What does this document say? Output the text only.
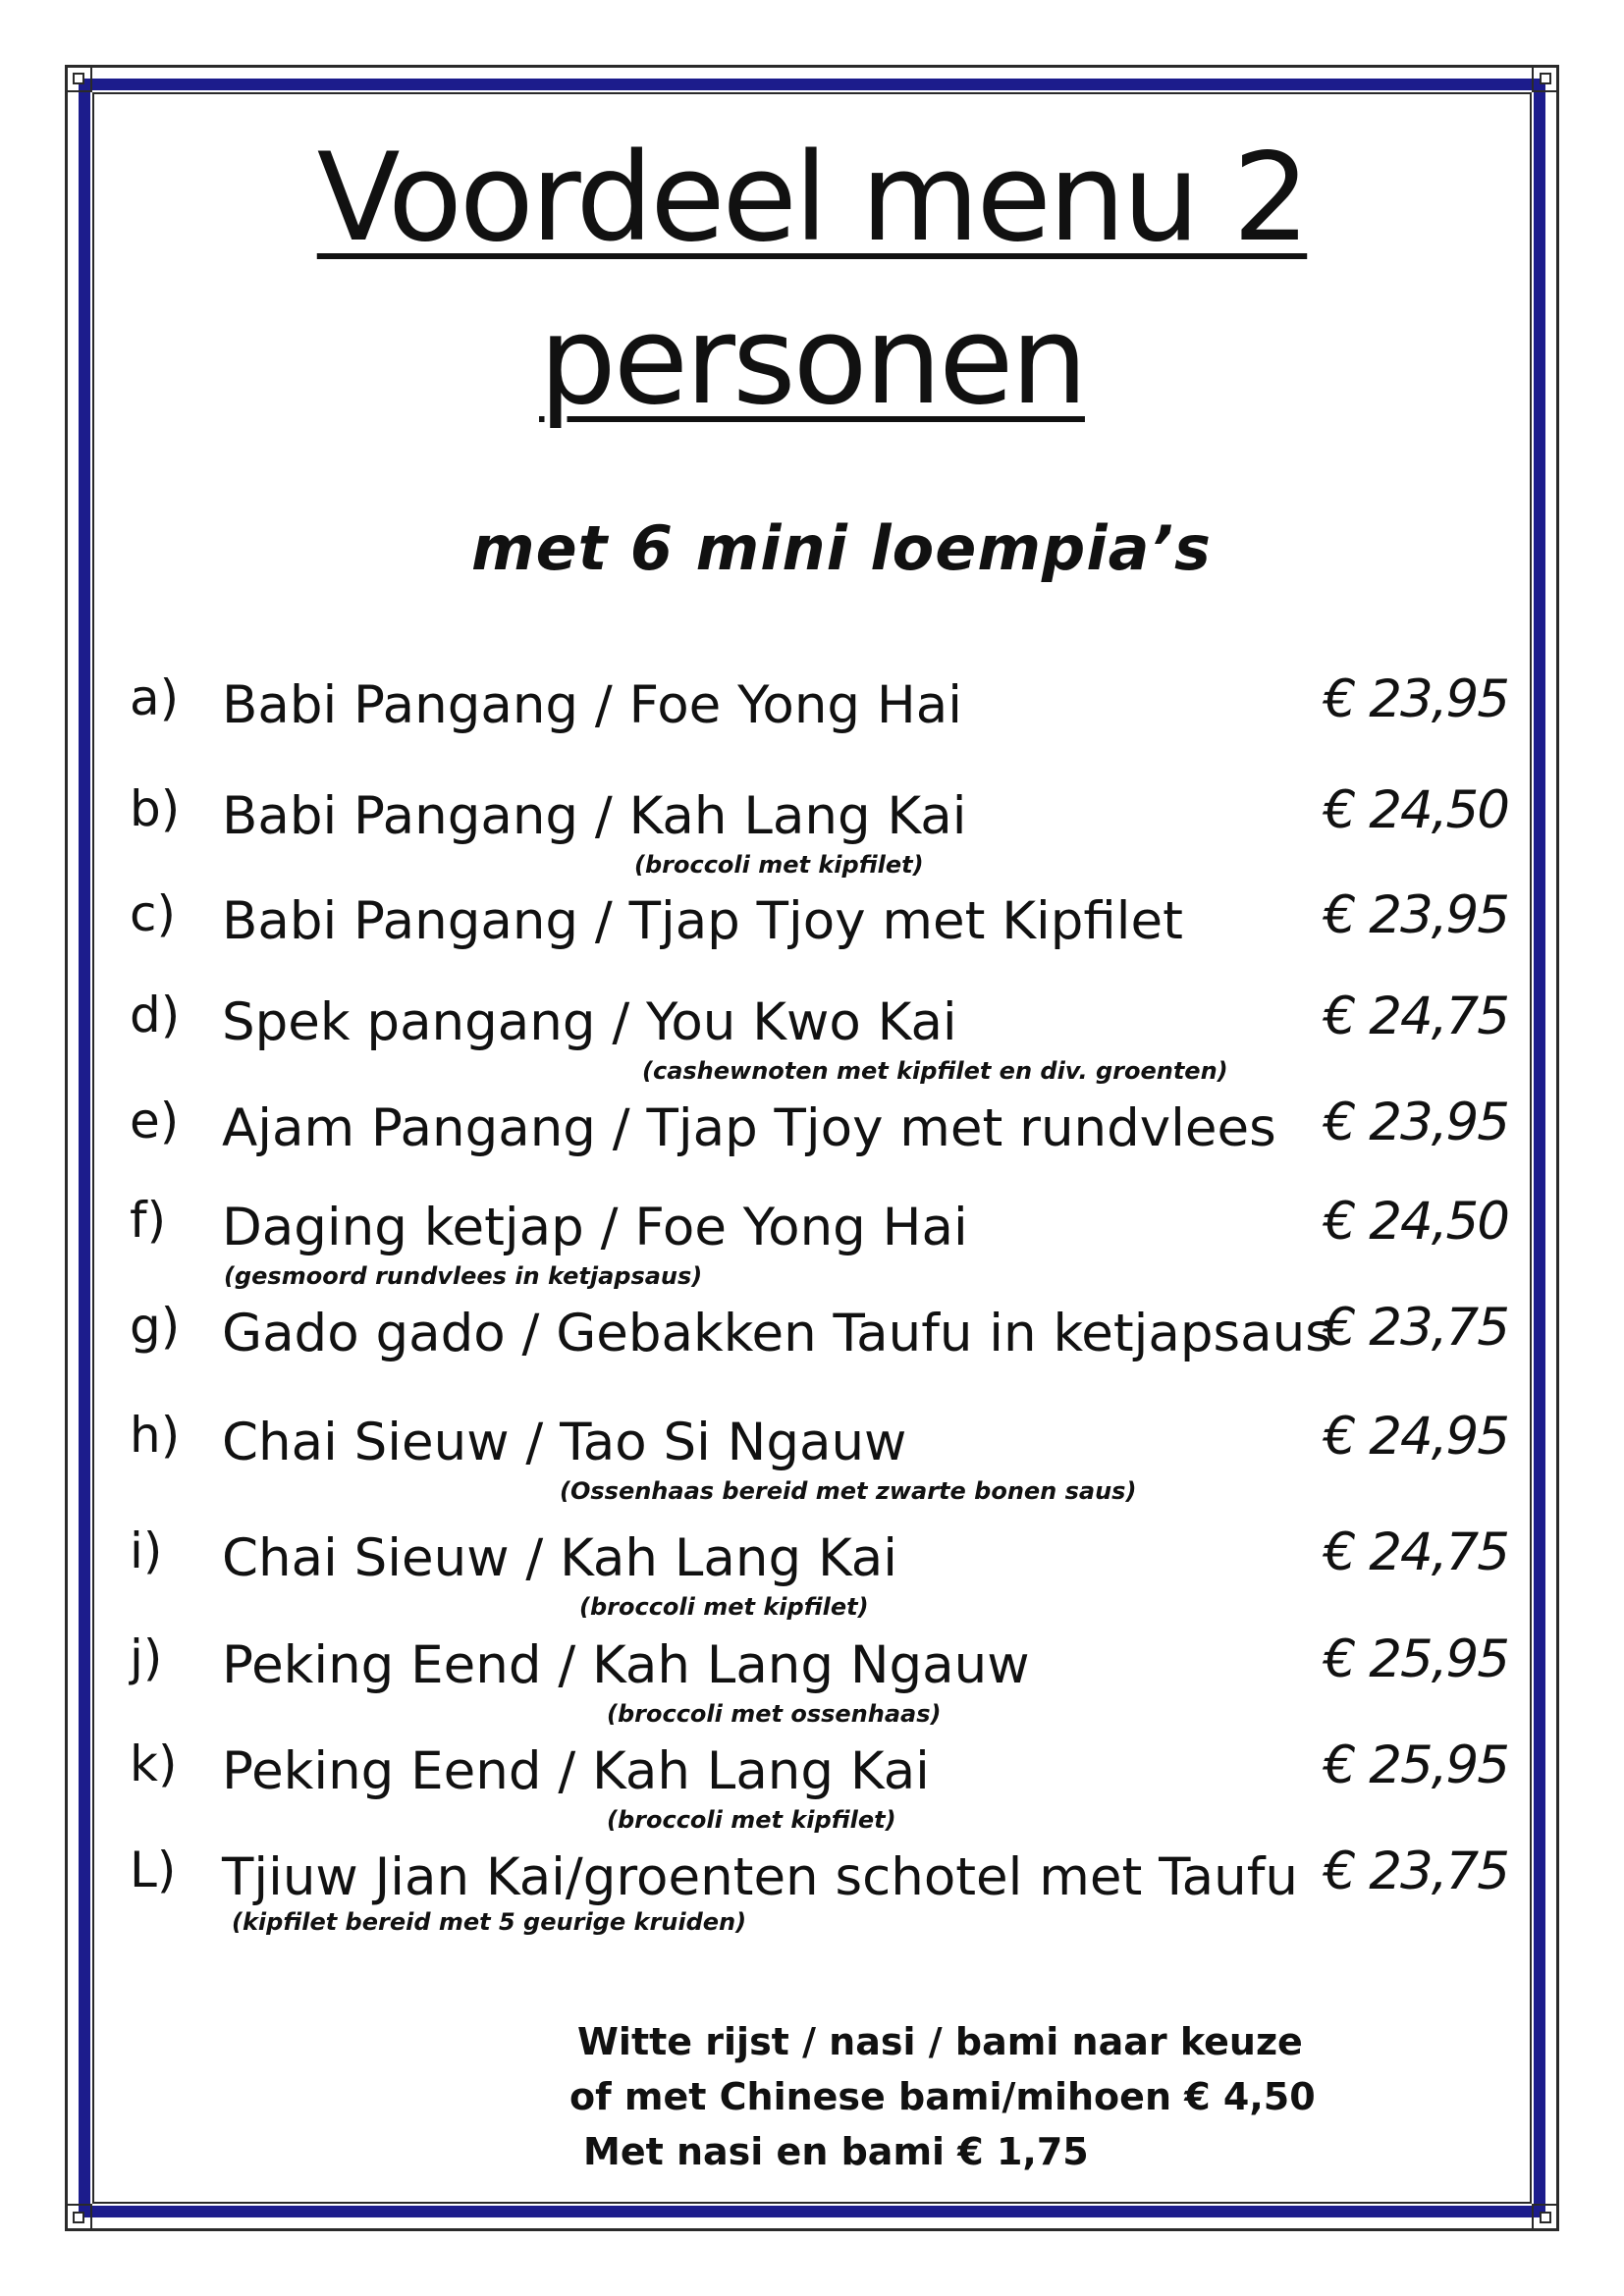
Voordeel menu 2
personen
met 6 mini loempia’s
a) Babi Pangang / Foe Yong Hai	€ 23,95
b) Babi Pangang / Kah Lang Kai	€ 24,50
(broccoli met kipfilet)
c) Babi Pangang / Tjap Tjoy met Kipfilet	€ 23,95
d) Spek pangang / You Kwo Kai	€ 24,75
(cashewnoten met kipfilet en div. groenten)
e) Ajam Pangang / Tjap Tjoy met rundvlees € 23,95
f) Daging ketjap / Foe Yong Hai	€ 24,50
(gesmoord rundvlees in ketjapsaus)
g) Gado gado / Gebakken Taufu in ketjapsaus
€ 23,75
h) Chai Sieuw / Tao Si Ngauw	€ 24,95
(Ossenhaas bereid met zwarte bonen saus)
i) Chai Sieuw / Kah Lang Kai	€ 24,75
(broccoli met kipfilet)
j) Peking Eend / Kah Lang Ngauw	€ 25,95
(broccoli met ossenhaas)
k) Peking Eend / Kah Lang Kai	€ 25,95
(broccoli met kipfilet)
L) Tjiuw Jian Kai/groenten schotel met Taufu € 23,75
(kipfilet bereid met 5 geurige kruiden)
Witte rijst / nasi / bami naar keuze
of met Chinese bami/mihoen € 4,50
Met nasi en bami € 1,75
